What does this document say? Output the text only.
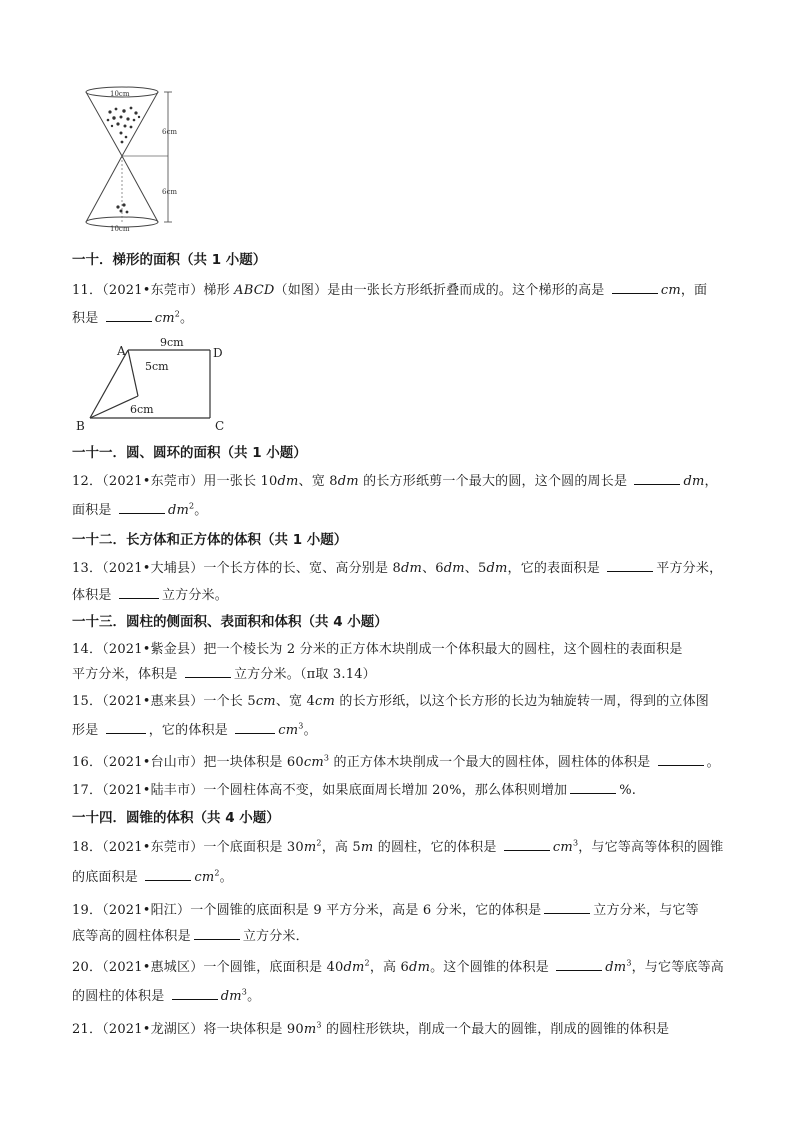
10cm
10cm
6cm
6cm
一十．梯形的面积（共 1 小题）
11．（2021•东莞市）梯形 ABCD（如图）是由一张长方形纸折叠而成的。这个梯形的高是	cm，面
积是	$cm^2$。
A	D
B	C
9cm
5cm
6cm
一十一．圆、圆环的面积（共 1 小题）
12．（2021•东莞市）用一张长 10dm、宽 8dm 的长方形纸剪一个最大的圆，这个圆的周长是	dm，
面积是	$dm^2$。
一十二．长方体和正方体的体积（共 1 小题）
13．（2021•大埔县）一个长方体的长、宽、高分别是 8dm、6dm、5dm，它的表面积是	平方分米，
体积是	立方分米。
一十三．圆柱的侧面积、表面积和体积（共 4 小题）
14．（2021•紫金县）把一个棱长为 2 分米的正方体木块削成一个体积最大的圆柱，这个圆柱的表面积是
平方分米，体积是	立方分米。（π取 3.14）
15．（2021•惠来县）一个长 5cm、宽 4cm 的长方形纸，以这个长方形的长边为轴旋转一周，得到的立体图
形是	，它的体积是	$cm^3$。
16．（2021•台山市）把一块体积是 $60cm^3$ 的正方体木块削成一个最大的圆柱体，圆柱体的体积是	。
17．（2021•陆丰市）一个圆柱体高不变，如果底面周长增加 20%，那么体积则增加	%.
一十四．圆锥的体积（共 4 小题）
18．（2021•东莞市）一个底面积是 $30m^2$，高 5m 的圆柱，它的体积是	$cm^3$，与它等高等体积的圆锥
的底面积是	$cm^2$。
19．（2021•阳江）一个圆锥的底面积是 9 平方分米，高是 6 分米，它的体积是	立方分米，与它等
底等高的圆柱体积是	立方分米．
20．（2021•惠城区）一个圆锥，底面积是 $40dm^2$，高 6dm。这个圆锥的体积是	$dm^3$，与它等底等高
的圆柱的体积是	$dm^3$。
21．（2021•龙湖区）将一块体积是 $90m^3$ 的圆柱形铁块，削成一个最大的圆锥，削成的圆锥的体积是
